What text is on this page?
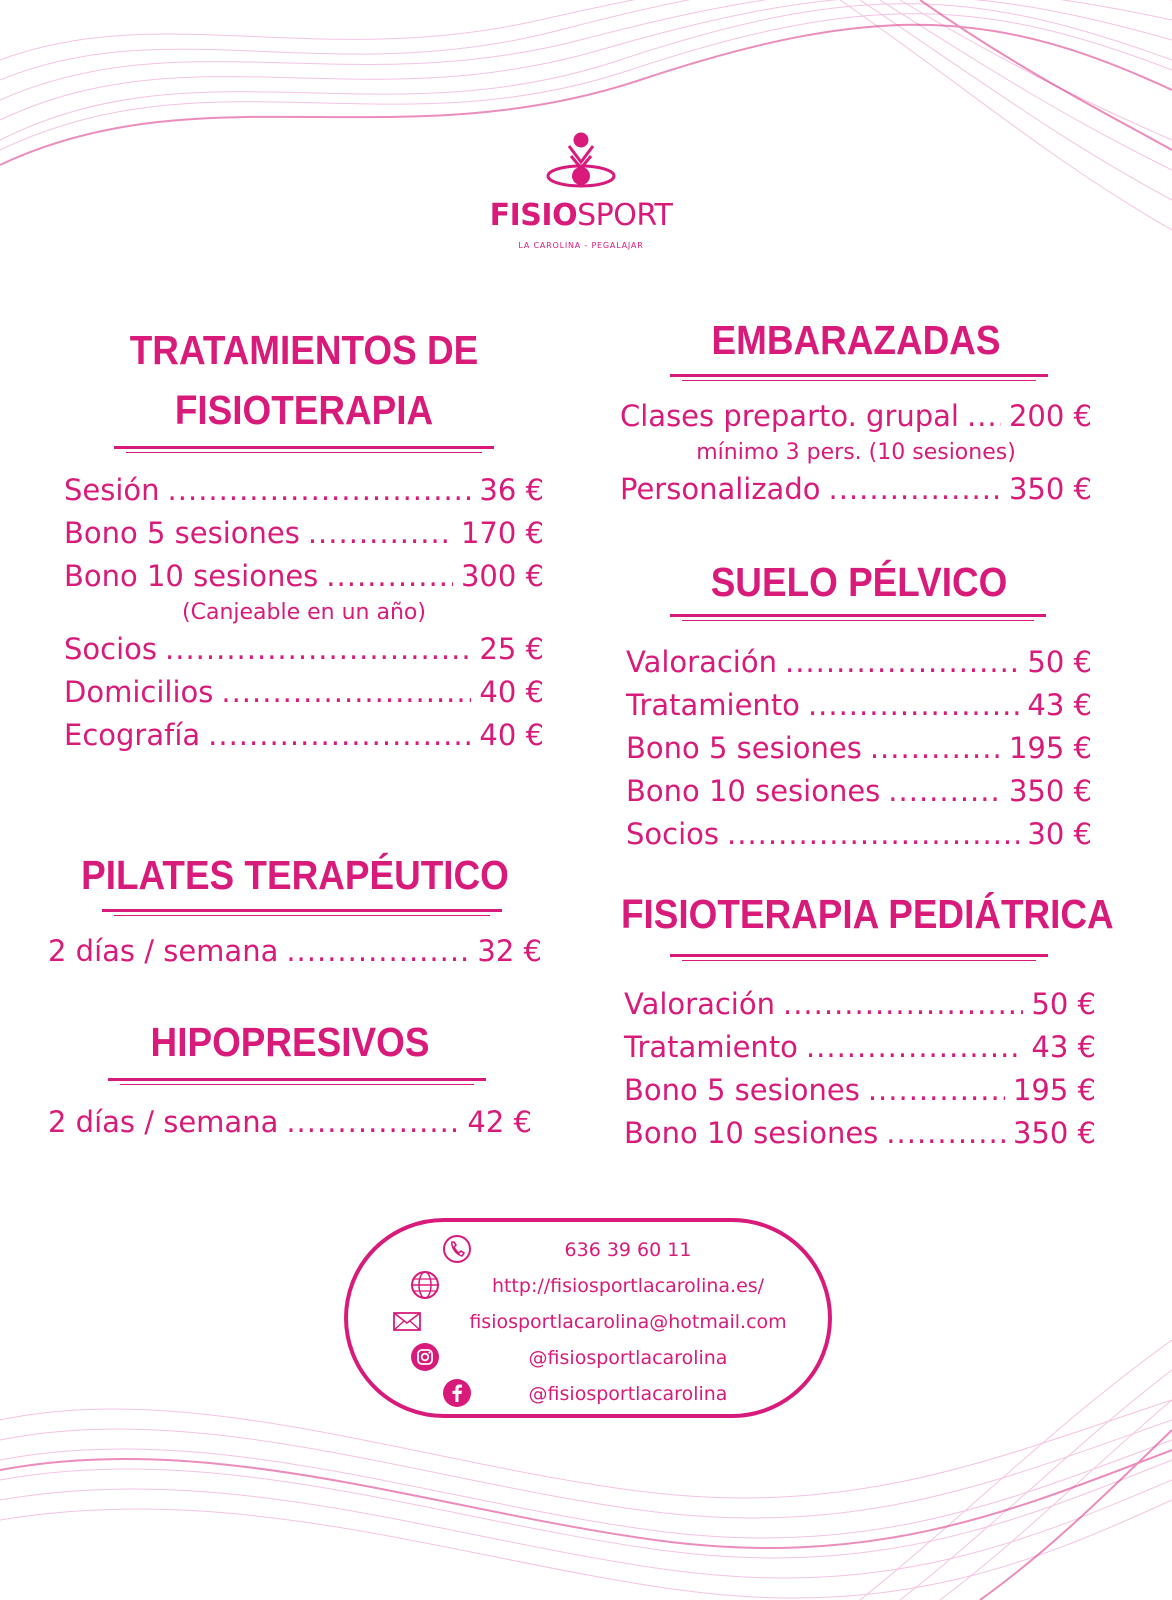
FISIOSPORT
LA CAROLINA - PEGALAJAR
TRATAMIENTOS DE
FISIOTERAPIA
Sesión .....	36 €
Bono 5 sesiones .....	170 €
Bono 10 sesiones .....	300 €
(Canjeable en un año)
Socios .....	25 €
Domicilios .....	40 €
Ecografía .....	40 €
PILATES TERAPÉUTICO
2 días / semana .....	32 €
HIPOPRESIVOS
2 días / semana .....	42 €
EMBARAZADAS
Clases preparto. grupal ..... 200 €
mínimo 3 pers. (10 sesiones)
Personalizado .....	350 €
SUELO PÉLVICO
Valoración .....	50 €
Tratamiento .....	43 €
Bono 5 sesiones .....	195 €
Bono 10 sesiones .....	350 €
Socios .....	30 €
FISIOTERAPIA PEDIÁTRICA
Valoración .....	50 €
Tratamiento .....	43 €
Bono 5 sesiones .....	195 €
Bono 10 sesiones .....	350 €
636 39 60 11
http://fisiosportlacarolina.es/
fisiosportlacarolina@hotmail.com
@fisiosportlacarolina
@fisiosportlacarolina
